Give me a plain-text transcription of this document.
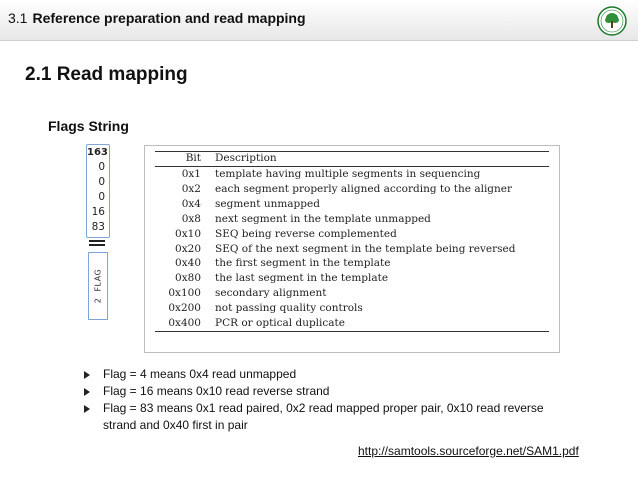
3.1 Reference preparation and read mapping
2.1 Read mapping
Flags String
163
0
0
0
16
83
2  FLAG
Bit	Description
0x1	template having multiple segments in sequencing
0x2	each segment properly aligned according to the aligner
0x4	segment unmapped
0x8	next segment in the template unmapped
0x10	SEQ being reverse complemented
0x20	SEQ of the next segment in the template being reversed
0x40	the first segment in the template
0x80	the last segment in the template
0x100	secondary alignment
0x200	not passing quality controls
0x400	PCR or optical duplicate
Flag = 4 means 0x4 read unmapped
Flag = 16 means 0x10 read reverse strand
Flag = 83 means 0x1 read paired, 0x2 read mapped proper pair, 0x10 read reverse strand and 0x40 first in pair
http://samtools.sourceforge.net/SAM1.pdf
